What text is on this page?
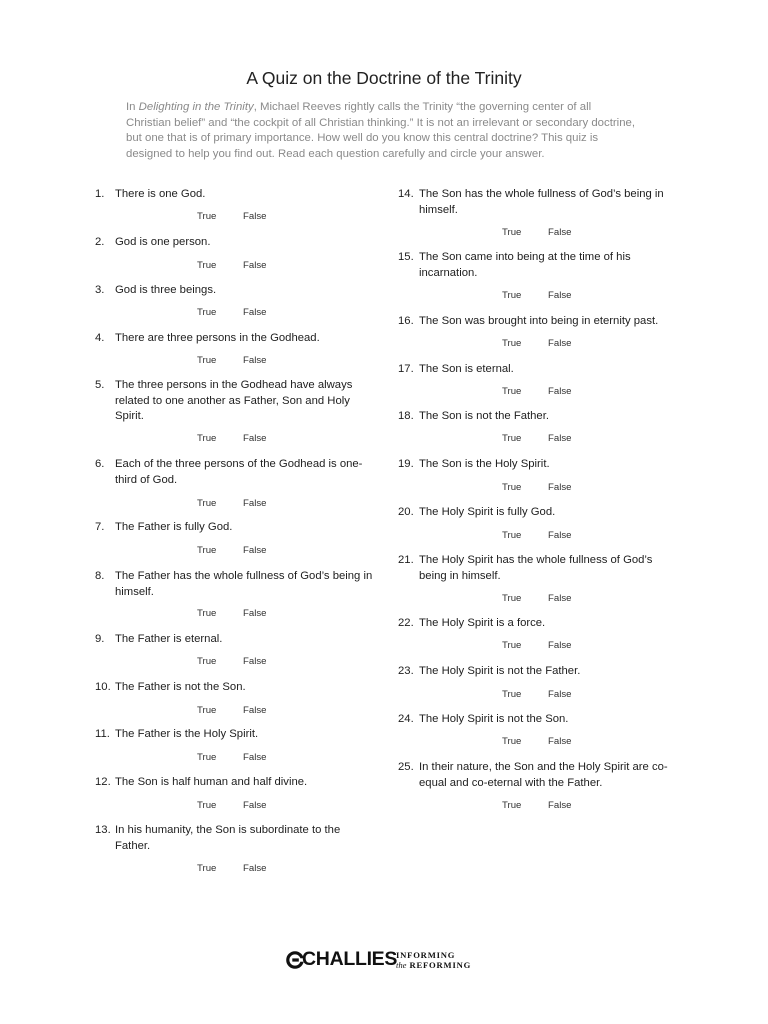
A Quiz on the Doctrine of the Trinity
In Delighting in the Trinity, Michael Reeves rightly calls the Trinity “the governing center of all Christian belief” and “the cockpit of all Christian thinking.” It is not an irrelevant or secondary doctrine, but one that is of primary importance. How well do you know this central doctrine? This quiz is designed to help you find out. Read each question carefully and circle your answer.
1. There is one God.
True	False
2. God is one person.
True	False
3. God is three beings.
True	False
4. There are three persons in the Godhead.
True	False
5. The three persons in the Godhead have always related to one another as Father, Son and Holy Spirit.
True	False
6. Each of the three persons of the Godhead is one-third of God.
True	False
7. The Father is fully God.
True	False
8. The Father has the whole fullness of God’s being in himself.
True	False
9. The Father is eternal.
True	False
10. The Father is not the Son.
True	False
11. The Father is the Holy Spirit.
True	False
12. The Son is half human and half divine.
True	False
13. In his humanity, the Son is subordinate to the Father.
True	False
14. The Son has the whole fullness of God’s being in himself.
True	False
15. The Son came into being at the time of his incarnation.
True	False
16. The Son was brought into being in eternity past.
True	False
17. The Son is eternal.
True	False
18. The Son is not the Father.
True	False
19. The Son is the Holy Spirit.
True	False
20. The Holy Spirit is fully God.
True	False
21. The Holy Spirit has the whole fullness of God’s being in himself.
True	False
22. The Holy Spirit is a force.
True	False
23. The Holy Spirit is not the Father.
True	False
24. The Holy Spirit is not the Son.
True	False
25. In their nature, the Son and the Holy Spirit are co-equal and co-eternal with the Father.
True	False
CHALLIES
INFORMING
the REFORMING
